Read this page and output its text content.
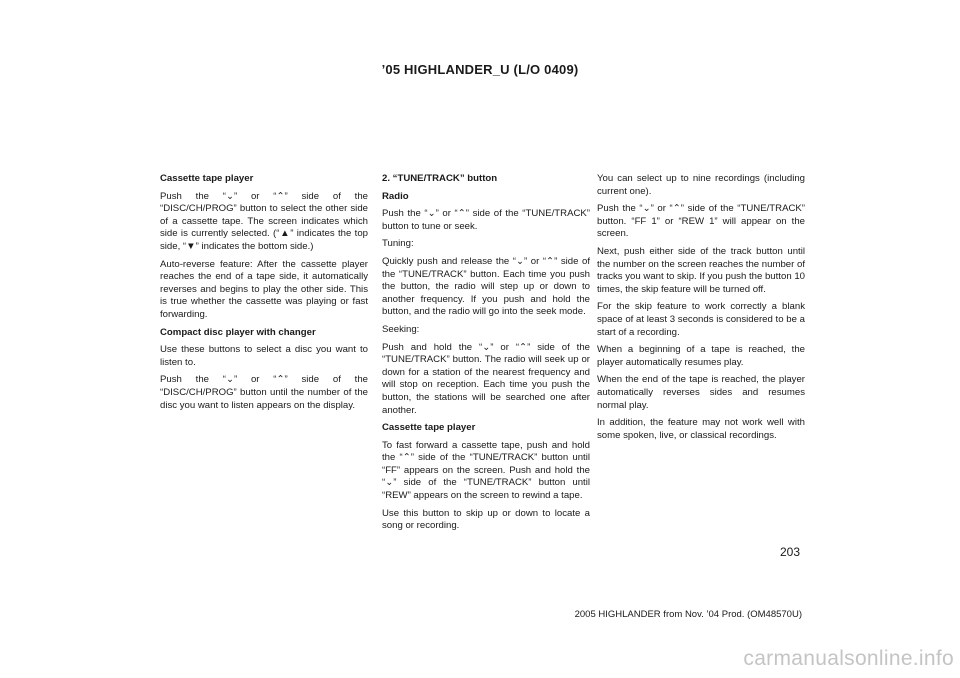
’05 HIGHLANDER_U (L/O 0409)

Cassette tape player

Push the “⌄” or “⌃” side of the “DISC/CH/PROG” button to select the other side of a cassette tape. The screen indicates which side is currently selected. (“▲” indicates the top side, “▼” indicates the bottom side.)

Auto-reverse feature: After the cassette player reaches the end of a tape side, it automatically reverses and begins to play the other side. This is true whether the cassette was playing or fast forwarding.

Compact disc player with changer

Use these buttons to select a disc you want to listen to.

Push the “⌄” or “⌃” side of the “DISC/CH/PROG” button until the number of the disc you want to listen appears on the display.

2. “TUNE/TRACK” button

Radio

Push the “⌄” or “⌃” side of the “TUNE/TRACK” button to tune or seek.

Tuning:

Quickly push and release the “⌄” or “⌃” side of the “TUNE/TRACK” button. Each time you push the button, the radio will step up or down to another frequency. If you push and hold the button, and the radio will go into the seek mode.

Seeking:

Push and hold the “⌄” or “⌃” side of the “TUNE/TRACK” button. The radio will seek up or down for a station of the nearest frequency and will stop on reception. Each time you push the button, the stations will be searched one after another.

Cassette tape player

To fast forward a cassette tape, push and hold the “⌃” side of the “TUNE/TRACK” button until “FF” appears on the screen. Push and hold the “⌄” side of the “TUNE/TRACK” button until “REW” appears on the screen to rewind a tape.

Use this button to skip up or down to locate a song or recording.

You can select up to nine recordings (including current one).

Push the “⌄” or “⌃” side of the “TUNE/TRACK” button. “FF 1” or “REW 1” will appear on the screen.

Next, push either side of the track button until the number on the screen reaches the number of tracks you want to skip. If you push the button 10 times, the skip feature will be turned off.

For the skip feature to work correctly a blank space of at least 3 seconds is considered to be a start of a recording.

When a beginning of a tape is reached, the player automatically resumes play.

When the end of the tape is reached, the player automatically reverses sides and resumes normal play.

In addition, the feature may not work well with some spoken, live, or classical recordings.

203
2005 HIGHLANDER from Nov. ’04 Prod. (OM48570U)
carmanualsonline.info
